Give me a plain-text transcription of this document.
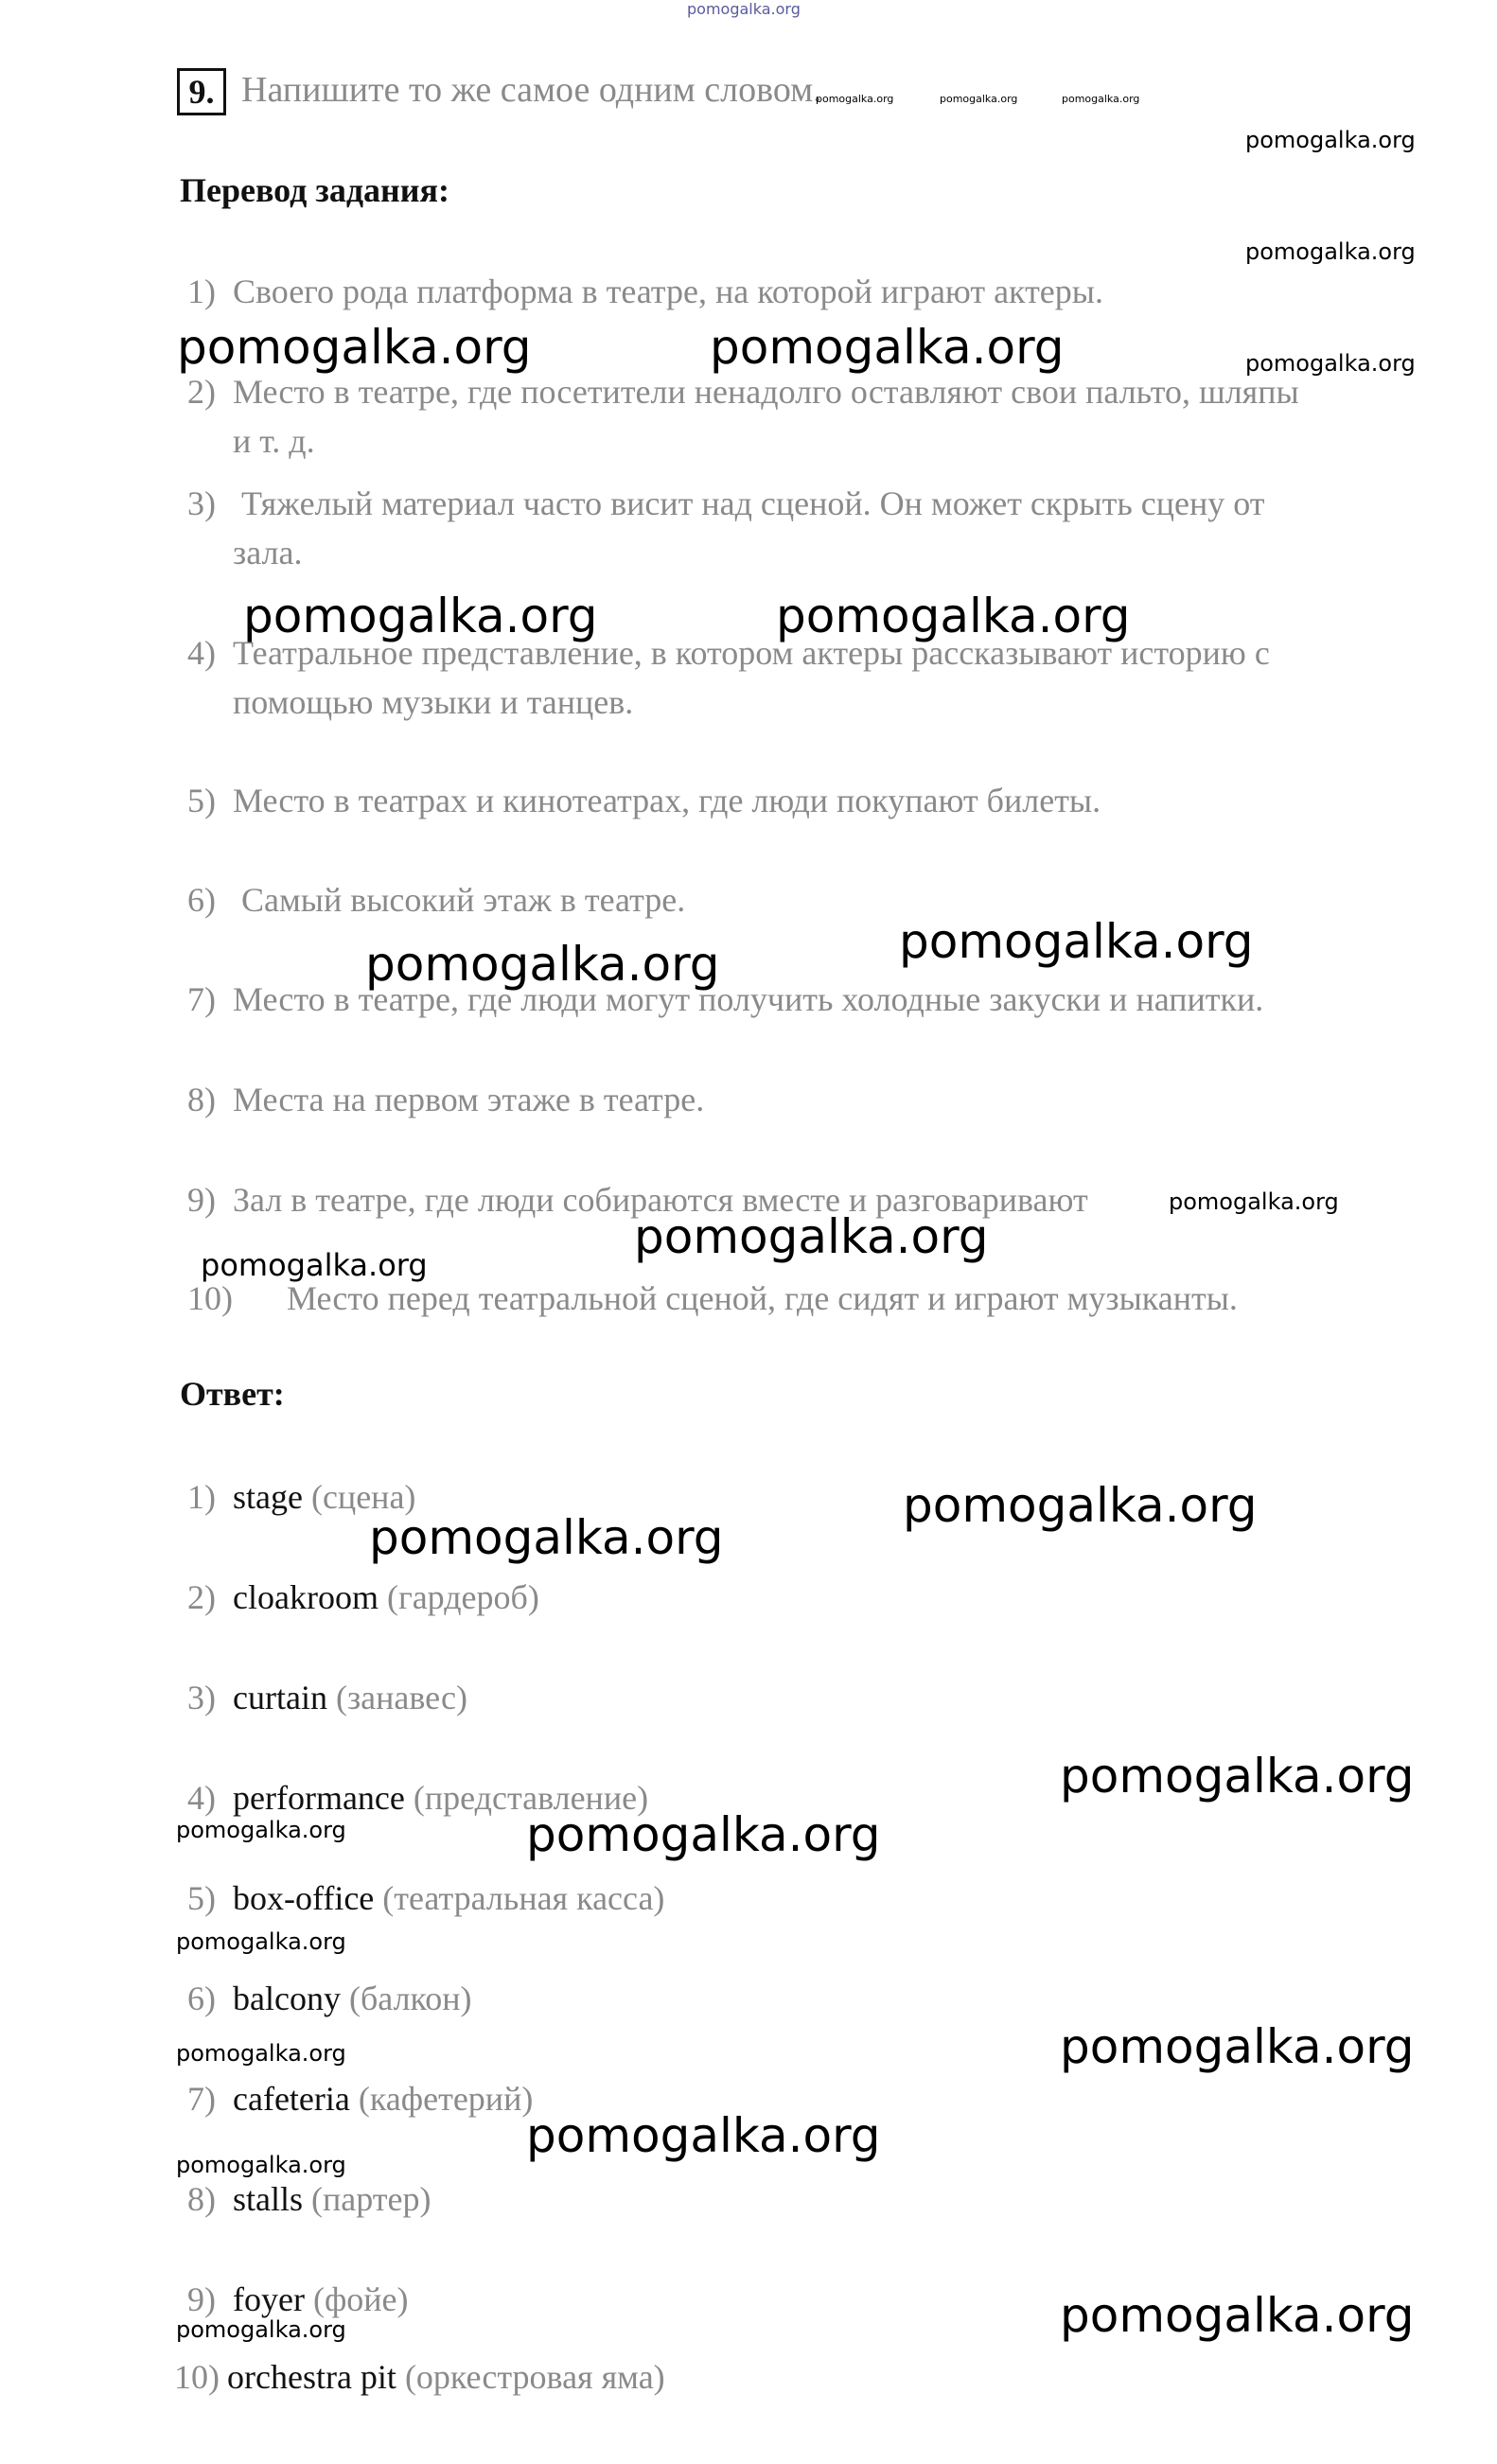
pomogalka.org
9. Напишите то же самое одним словом.
pomogalka.org	pomogalka.org	pomogalka.org
pomogalka.org
Перевод задания:
pomogalka.org
1) Своего рода платформа в театре, на которой играют актеры.
pomogalka.org	pomogalka.org	pomogalka.org
2) Место в театре, где посетители ненадолго оставляют свои пальто, шляпы
и т. д.
3) Тяжелый материал часто висит над сценой. Он может скрыть сцену от
зала.
4) Театральное представление, в котором актеры рассказывают историю с
помощью музыки и танцев.
pomogalka.org	pomogalka.org
5) Место в театрах и кинотеатрах, где люди покупают билеты.
6) Самый высокий этаж в театре.
pomogalka.org
pomogalka.org
7) Место в театре, где люди могут получить холодные закуски и напитки.
8) Места на первом этаже в театре.
9) Зал в театре, где люди собираются вместе и разговаривают	pomogalka.org
pomogalka.org
pomogalka.org
10) Место перед театральной сценой, где сидят и играют музыканты.
Ответ:
1) stage (сцена)	pomogalka.org
pomogalka.org
2) cloakroom (гардероб)
3) curtain (занавес)
pomogalka.org
4) performance (представление)
pomogalka.org	pomogalka.org
5) box-office (театральная касса)
pomogalka.org
6) balcony (балкон)
pomogalka.org	pomogalka.org
7) cafeteria (кафетерий)
pomogalka.org
pomogalka.org
8) stalls (партер)
9) foyer (фойе)
pomogalka.org	pomogalka.org
10) orchestra pit (оркестровая яма)
